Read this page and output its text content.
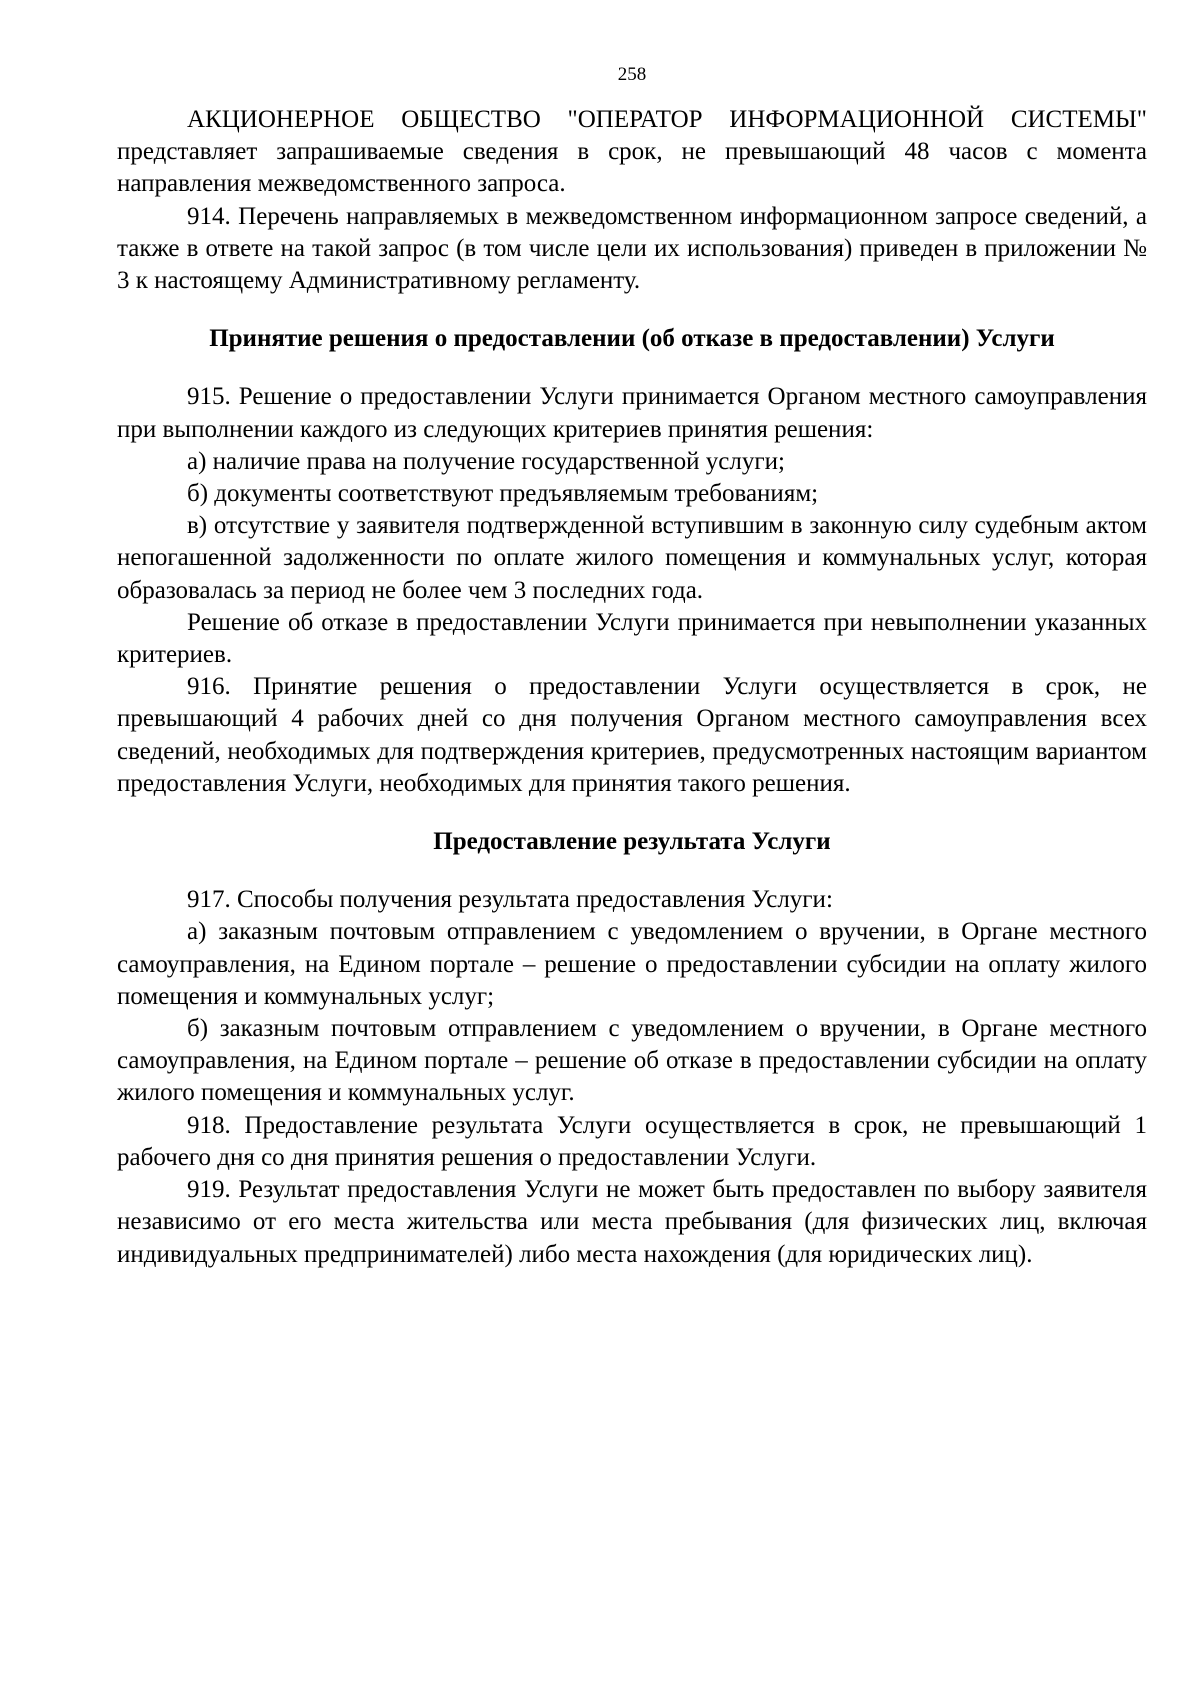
258

АКЦИОНЕРНОЕ ОБЩЕСТВО "ОПЕРАТОР ИНФОРМАЦИОННОЙ СИСТЕМЫ" представляет запрашиваемые сведения в срок, не превышающий 48 часов с момента направления межведомственного запроса.

914. Перечень направляемых в межведомственном информационном запросе сведений, а также в ответе на такой запрос (в том числе цели их использования) приведен в приложении № 3 к настоящему Административному регламенту.

Принятие решения о предоставлении (об отказе в предоставлении) Услуги

915. Решение о предоставлении Услуги принимается Органом местного самоуправления при выполнении каждого из следующих критериев принятия решения:

а) наличие права на получение государственной услуги;

б) документы соответствуют предъявляемым требованиям;

в) отсутствие у заявителя подтвержденной вступившим в законную силу судебным актом непогашенной задолженности по оплате жилого помещения и коммунальных услуг, которая образовалась за период не более чем 3 последних года.

Решение об отказе в предоставлении Услуги принимается при невыполнении указанных критериев.

916. Принятие решения о предоставлении Услуги осуществляется в срок, не превышающий 4 рабочих дней со дня получения Органом местного самоуправления всех сведений, необходимых для подтверждения критериев, предусмотренных настоящим вариантом предоставления Услуги, необходимых для принятия такого решения.

Предоставление результата Услуги

917. Способы получения результата предоставления Услуги:

а) заказным почтовым отправлением с уведомлением о вручении, в Органе местного самоуправления, на Едином портале – решение о предоставлении субсидии на оплату жилого помещения и коммунальных услуг;

б) заказным почтовым отправлением с уведомлением о вручении, в Органе местного самоуправления, на Едином портале – решение об отказе в предоставлении субсидии на оплату жилого помещения и коммунальных услуг.

918. Предоставление результата Услуги осуществляется в срок, не превышающий 1 рабочего дня со дня принятия решения о предоставлении Услуги.

919. Результат предоставления Услуги не может быть предоставлен по выбору заявителя независимо от его места жительства или места пребывания (для физических лиц, включая индивидуальных предпринимателей) либо места нахождения (для юридических лиц).
